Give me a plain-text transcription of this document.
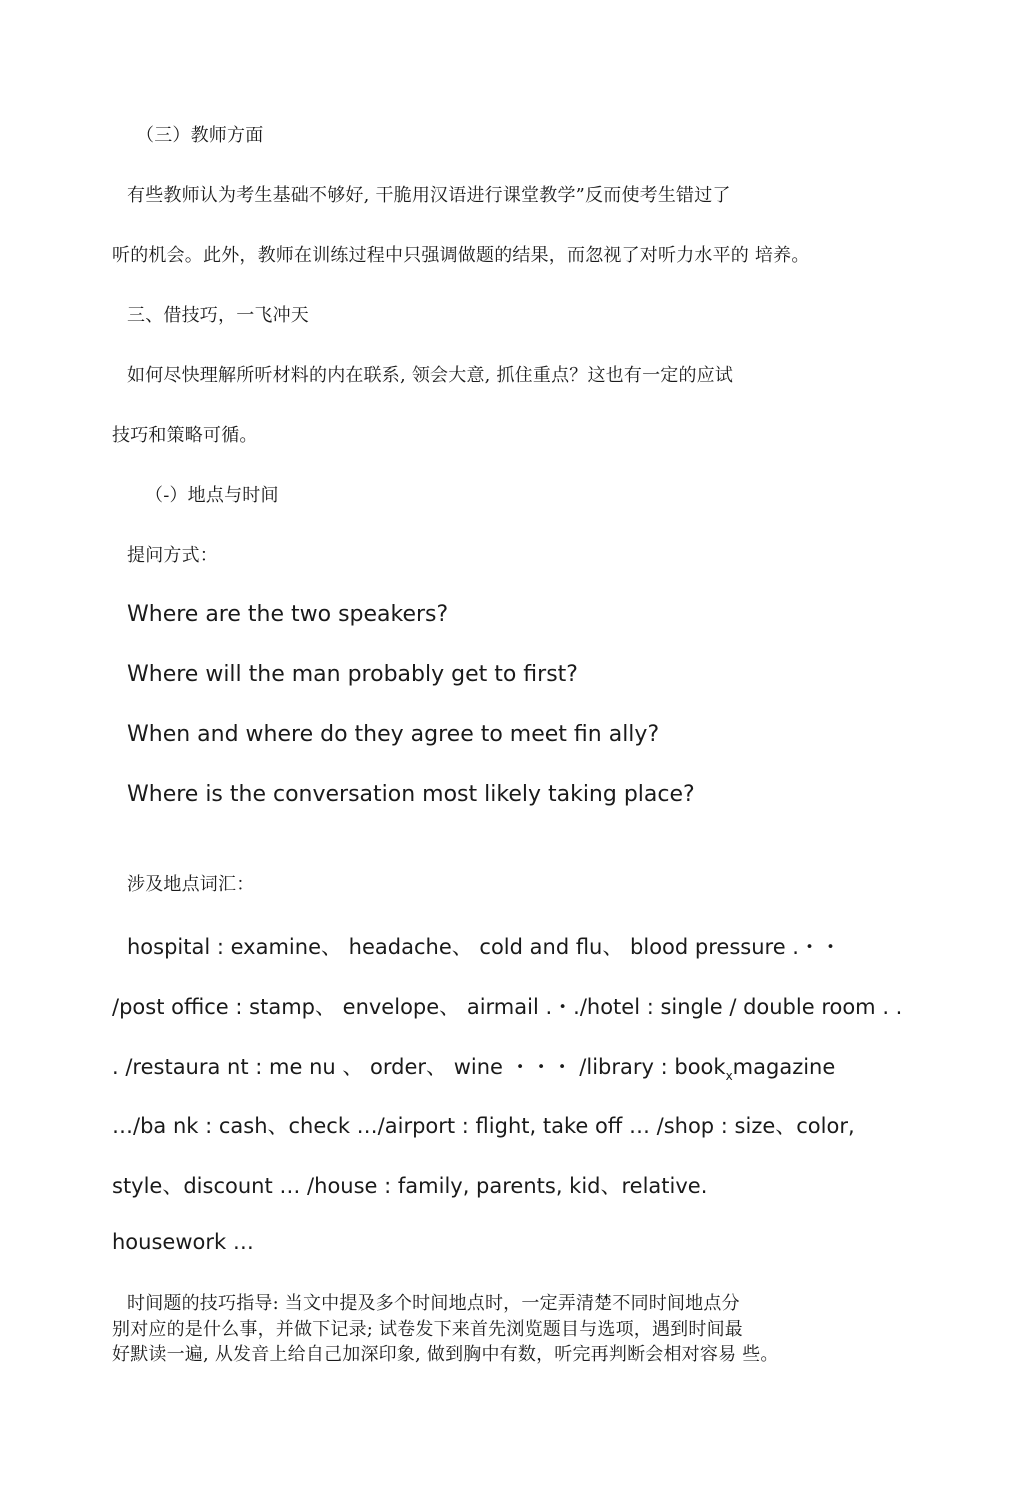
（三）教师方面

有些教师认为考生基础不够好, 干脆用汉语进行课堂教学”反而使考生错过了

听的机会。此外，教师在训练过程中只强调做题的结果，而忽视了对听力水平的 培养。

三、借技巧，一飞冲天

如何尽快理解所听材料的内在联系, 领会大意, 抓住重点？这也有一定的应试

技巧和策略可循。

（-）地点与时间

提问方式：

Where are the two speakers?

Where will the man probably get to first?

When and where do they agree to meet fin ally?

Where is the conversation most likely taking place?

涉及地点词汇：

hospital : examine、 headache、 cold and flu、 blood pressure .・・

/post office : stamp、 envelope、 airmail .・./hotel : single / double room . .

. /restaura nt : me nu 、 order、 wine ・・・ /library : book$_x$magazine

…/ba nk : cash、check …/airport : flight, take off … /shop : size、color,

style、discount … /house : family, parents, kid、relative.

housework …

时间题的技巧指导: 当文中提及多个时间地点时，一定弄清楚不同时间地点分

别对应的是什么事，并做下记录; 试卷发下来首先浏览题目与选项，遇到时间最

好默读一遍, 从发音上给自己加深印象, 做到胸中有数，听完再判断会相对容易 些。
